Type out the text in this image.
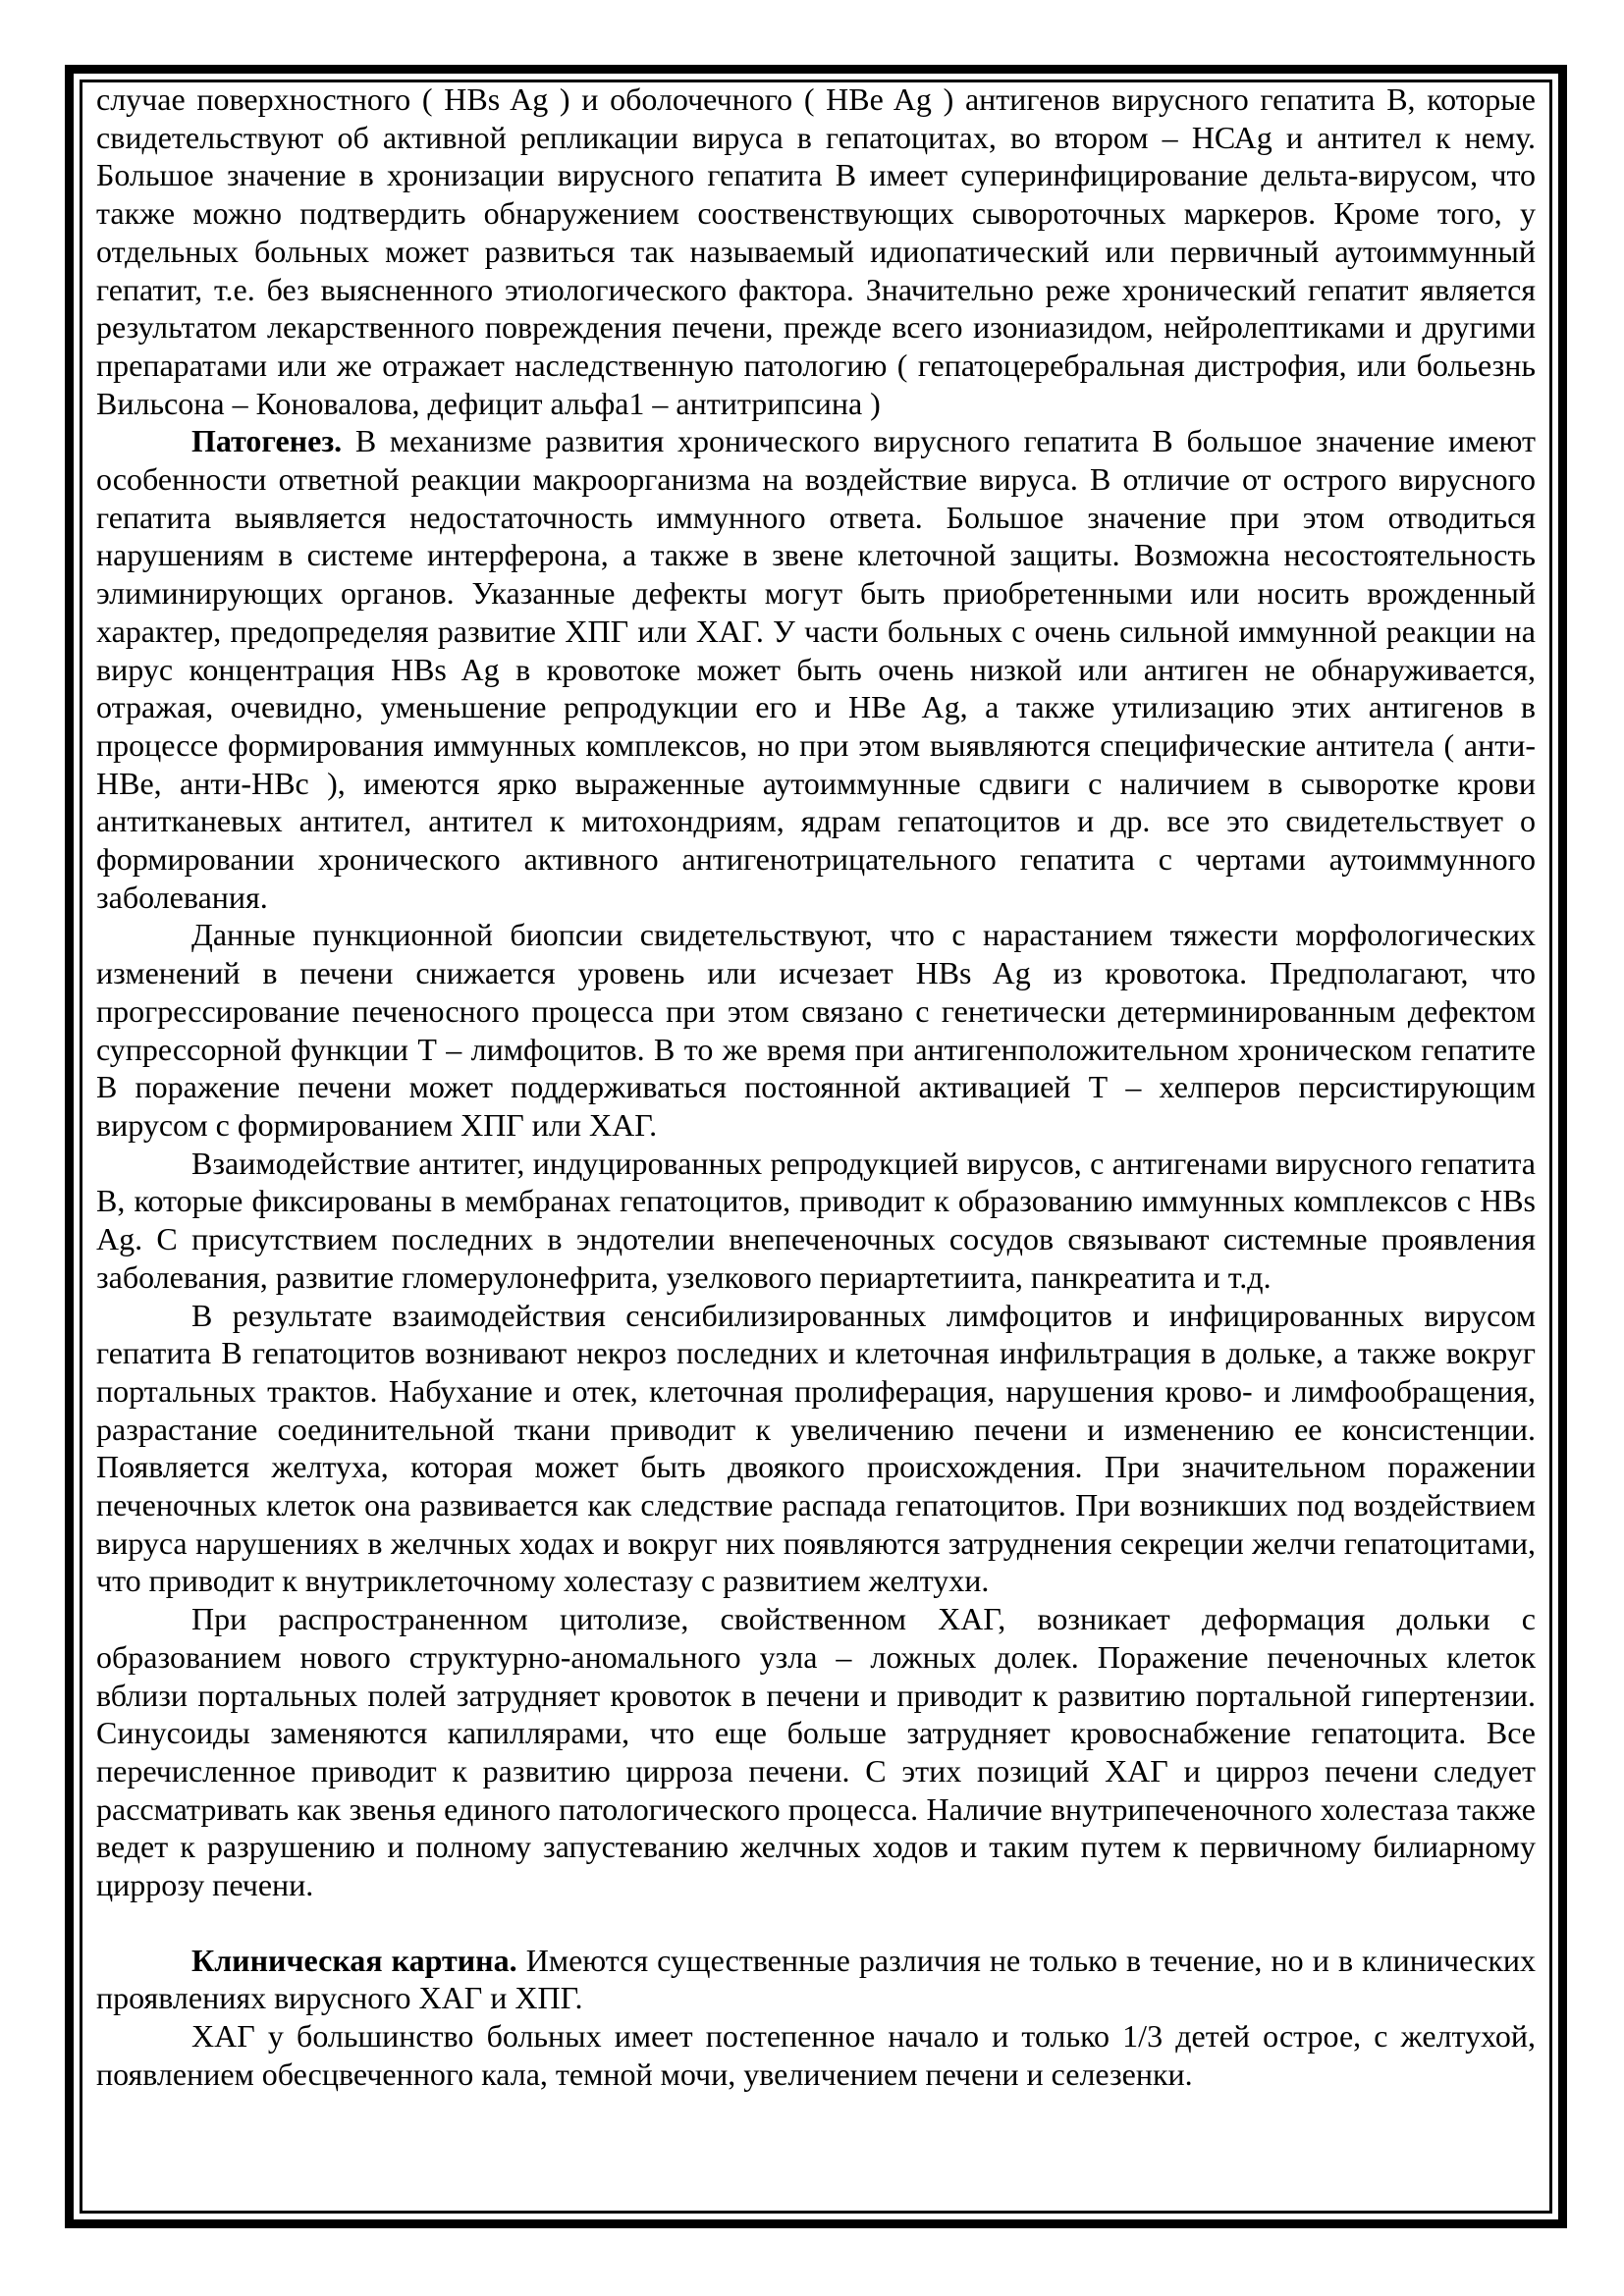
случае поверхностного ( HBs Ag ) и оболочечного ( HBe Ag ) антигенов вирусного гепатита В, которые свидетельствуют об активной репликации вируса в гепатоцитах, во втором – НСАg и антител к нему. Большое значение в хронизации вирусного гепатита В имеет суперинфицирование дельта-вирусом, что также можно подтвердить обнаружением сооственствующих сывороточных маркеров. Кроме того, у отдельных больных может развиться так называемый идиопатический или первичный аутоиммунный гепатит, т.е. без выясненного этиологического фактора. Значительно реже хронический гепатит является результатом лекарственного повреждения печени, прежде всего изониазидом, нейролептиками и другими препаратами или же отражает наследственную патологию ( гепатоцеребральная дистрофия, или больезнь Вильсона – Коновалова, дефицит альфа1 – антитрипсина )

Патогенез. В механизме развития хронического вирусного гепатита В большое значение имеют особенности ответной реакции макроорганизма на воздействие вируса. В отличие от острого вирусного гепатита выявляется недостаточность иммунного ответа. Большое значение при этом отводиться нарушениям в системе интерферона, а также в звене клеточной защиты. Возможна несостоятельность элиминирующих органов. Указанные дефекты могут быть приобретенными или носить врожденный характер, предопределяя развитие ХПГ или ХАГ. У части больных с очень сильной иммунной реакции на вирус концентрация HBs Ag в кровотоке может быть очень низкой или антиген не обнаруживается, отражая, очевидно, уменьшение репродукции его и HBe Ag, а также утилизацию этих антигенов в процессе формирования иммунных комплексов, но при этом выявляются специфические антитела ( анти-HBe, анти-HBc ), имеются ярко выраженные аутоиммунные сдвиги с наличием в сыворотке крови антитканевых антител, антител к митохондриям, ядрам гепатоцитов и др. все это свидетельствует о формировании хронического активного антигенотрицательного гепатита с чертами аутоиммунного заболевания.

Данные пункционной биопсии свидетельствуют, что с нарастанием тяжести морфологических изменений в печени снижается уровень или исчезает HBs Ag из кровотока. Предполагают, что прогрессирование печеносного процесса при этом связано с генетически детерминированным дефектом супрессорной функции Т – лимфоцитов. В то же время при антигенположительном хроническом гепатите В поражение печени может поддерживаться постоянной активацией Т – хелперов персистирующим вирусом с формированием ХПГ или ХАГ.

Взаимодействие антитег, индуцированных репродукцией вирусов, с антигенами вирусного гепатита В, которые фиксированы в мембранах гепатоцитов, приводит к образованию иммунных комплексов с HBs Ag. С присутствием последних в эндотелии внепеченочных сосудов связывают системные проявления заболевания, развитие гломерулонефрита, узелкового периартетиита, панкреатита и т.д.

В результате взаимодействия сенсибилизированных лимфоцитов и инфицированных вирусом гепатита В гепатоцитов вознивают некроз последних и клеточная инфильтрация в дольке, а также вокруг портальных трактов. Набухание и отек, клеточная пролиферация, нарушения крово- и лимфообращения, разрастание соединительной ткани приводит к увеличению печени и изменению ее консистенции. Появляется желтуха, которая может быть двоякого происхождения. При значительном поражении печеночных клеток она развивается как следствие распада гепатоцитов. При возникших под воздействием вируса нарушениях в желчных ходах и вокруг них появляются затруднения секреции желчи гепатоцитами, что приводит к внутриклеточному холестазу с развитием желтухи.

При распространенном цитолизе, свойственном ХАГ, возникает деформация дольки с образованием нового структурно-аномального узла – ложных долек. Поражение печеночных клеток вблизи портальных полей затрудняет кровоток в печени и приводит к развитию портальной гипертензии. Синусоиды заменяются капиллярами, что еще больше затрудняет кровоснабжение гепатоцита. Все перечисленное приводит к развитию цирроза печени. С этих позиций ХАГ и цирроз печени следует рассматривать как звенья единого патологического процесса. Наличие внутрипеченочного холестаза также ведет к разрушению и полному запустеванию желчных ходов и таким путем к первичному билиарному циррозу печени.

Клиническая картина. Имеются существенные различия не только в течение, но и в клинических проявлениях вирусного ХАГ и ХПГ.

ХАГ у большинство больных имеет постепенное начало и только 1/3 детей острое, с желтухой, появлением обесцвеченного кала, темной мочи, увеличением печени и селезенки.
